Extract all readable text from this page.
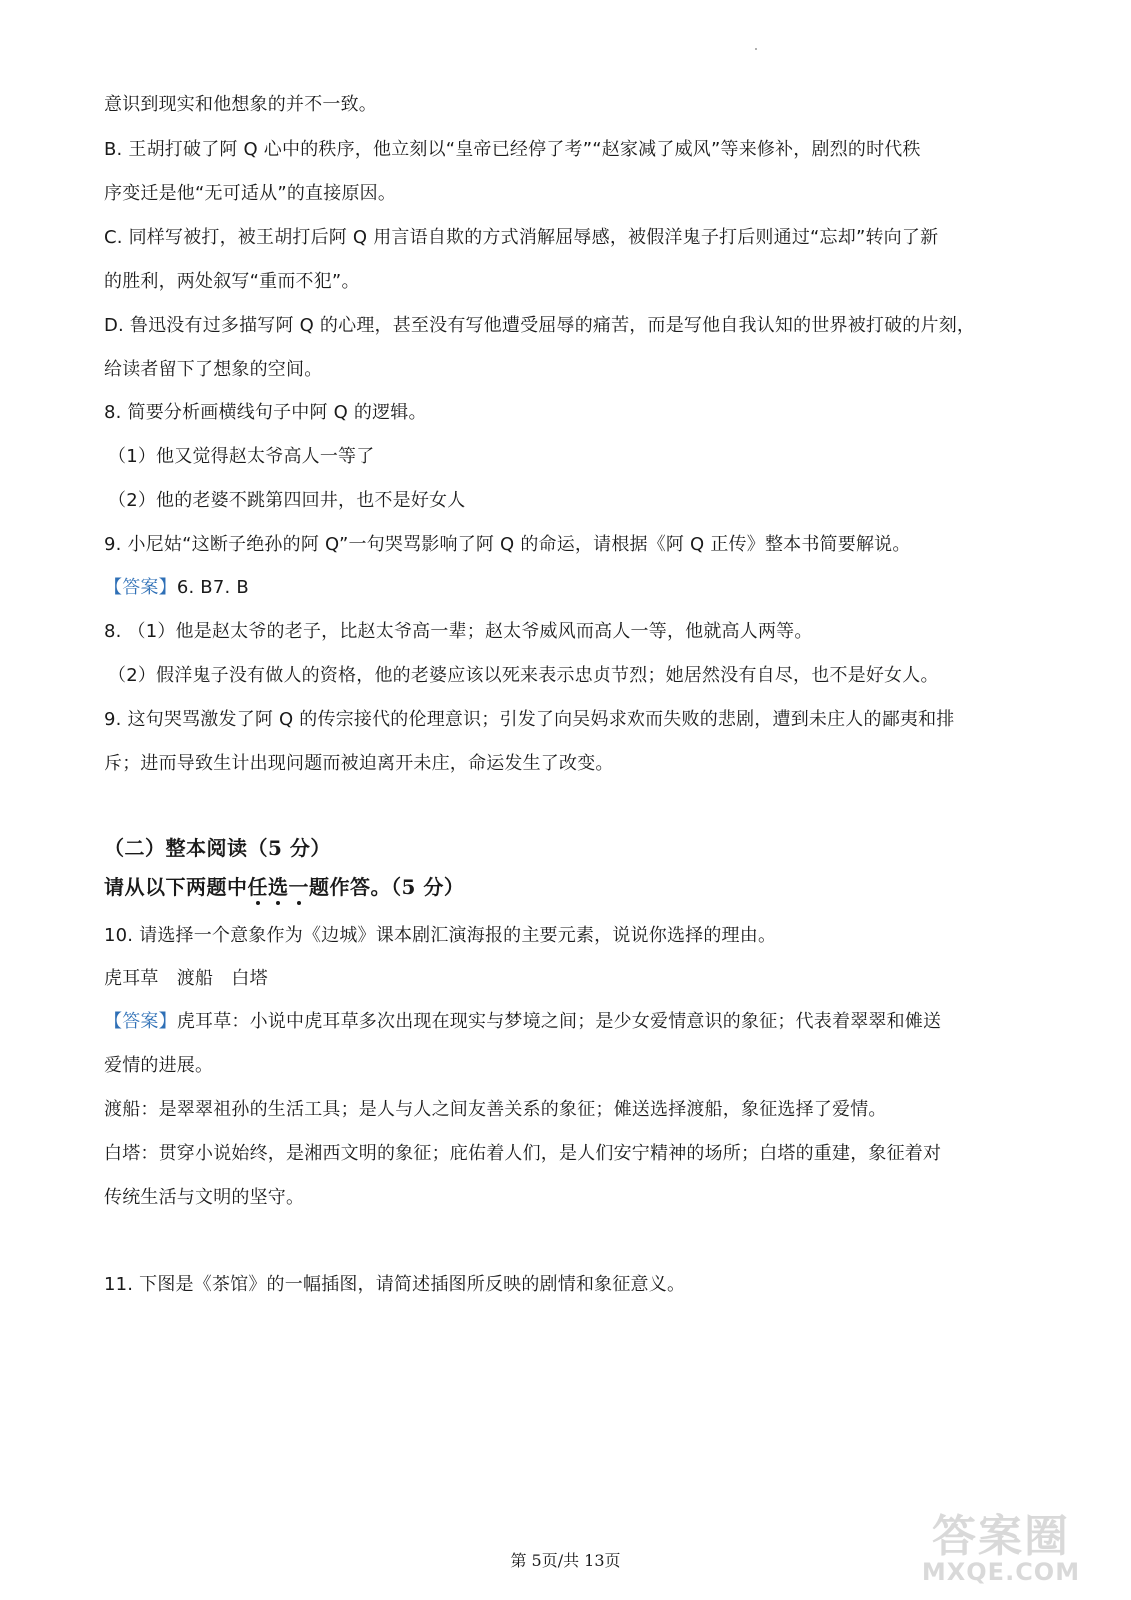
意识到现实和他想象的并不一致。
B. 王胡打破了阿 Q 心中的秩序，他立刻以“皇帝已经停了考”“赵家减了威风”等来修补，剧烈的时代秩
序变迁是他“无可适从”的直接原因。
C. 同样写被打，被王胡打后阿 Q 用言语自欺的方式消解屈辱感，被假洋鬼子打后则通过“忘却”转向了新
的胜利，两处叙写“重而不犯”。
D. 鲁迅没有过多描写阿 Q 的心理，甚至没有写他遭受屈辱的痛苦，而是写他自我认知的世界被打破的片刻，
给读者留下了想象的空间。
8. 简要分析画横线句子中阿 Q 的逻辑。
（1）他又觉得赵太爷高人一等了
（2）他的老婆不跳第四回井，也不是好女人
9. 小尼姑“这断子绝孙的阿 Q”一句哭骂影响了阿 Q 的命运，请根据《阿 Q 正传》整本书简要解说。
【答案】6. B7. B
8. （1）他是赵太爷的老子，比赵太爷高一辈；赵太爷威风而高人一等，他就高人两等。
（2）假洋鬼子没有做人的资格，他的老婆应该以死来表示忠贞节烈；她居然没有自尽，也不是好女人。
9. 这句哭骂激发了阿 Q 的传宗接代的伦理意识；引发了向吴妈求欢而失败的悲剧，遭到未庄人的鄙夷和排
斥；进而导致生计出现问题而被迫离开未庄，命运发生了改变。
（二）整本阅读（5 分）
请从以下两题中任选一题作答。（5 分）
10. 请选择一个意象作为《边城》课本剧汇演海报的主要元素，说说你选择的理由。
虎耳草　渡船　白塔
【答案】虎耳草：小说中虎耳草多次出现在现实与梦境之间；是少女爱情意识的象征；代表着翠翠和傩送
爱情的进展。
渡船：是翠翠祖孙的生活工具；是人与人之间友善关系的象征；傩送选择渡船，象征选择了爱情。
白塔：贯穿小说始终，是湘西文明的象征；庇佑着人们，是人们安宁精神的场所；白塔的重建，象征着对
传统生活与文明的坚守。
11. 下图是《茶馆》的一幅插图，请简述插图所反映的剧情和象征意义。
第 5页/共 13页	答案圈
MXQE.COM
